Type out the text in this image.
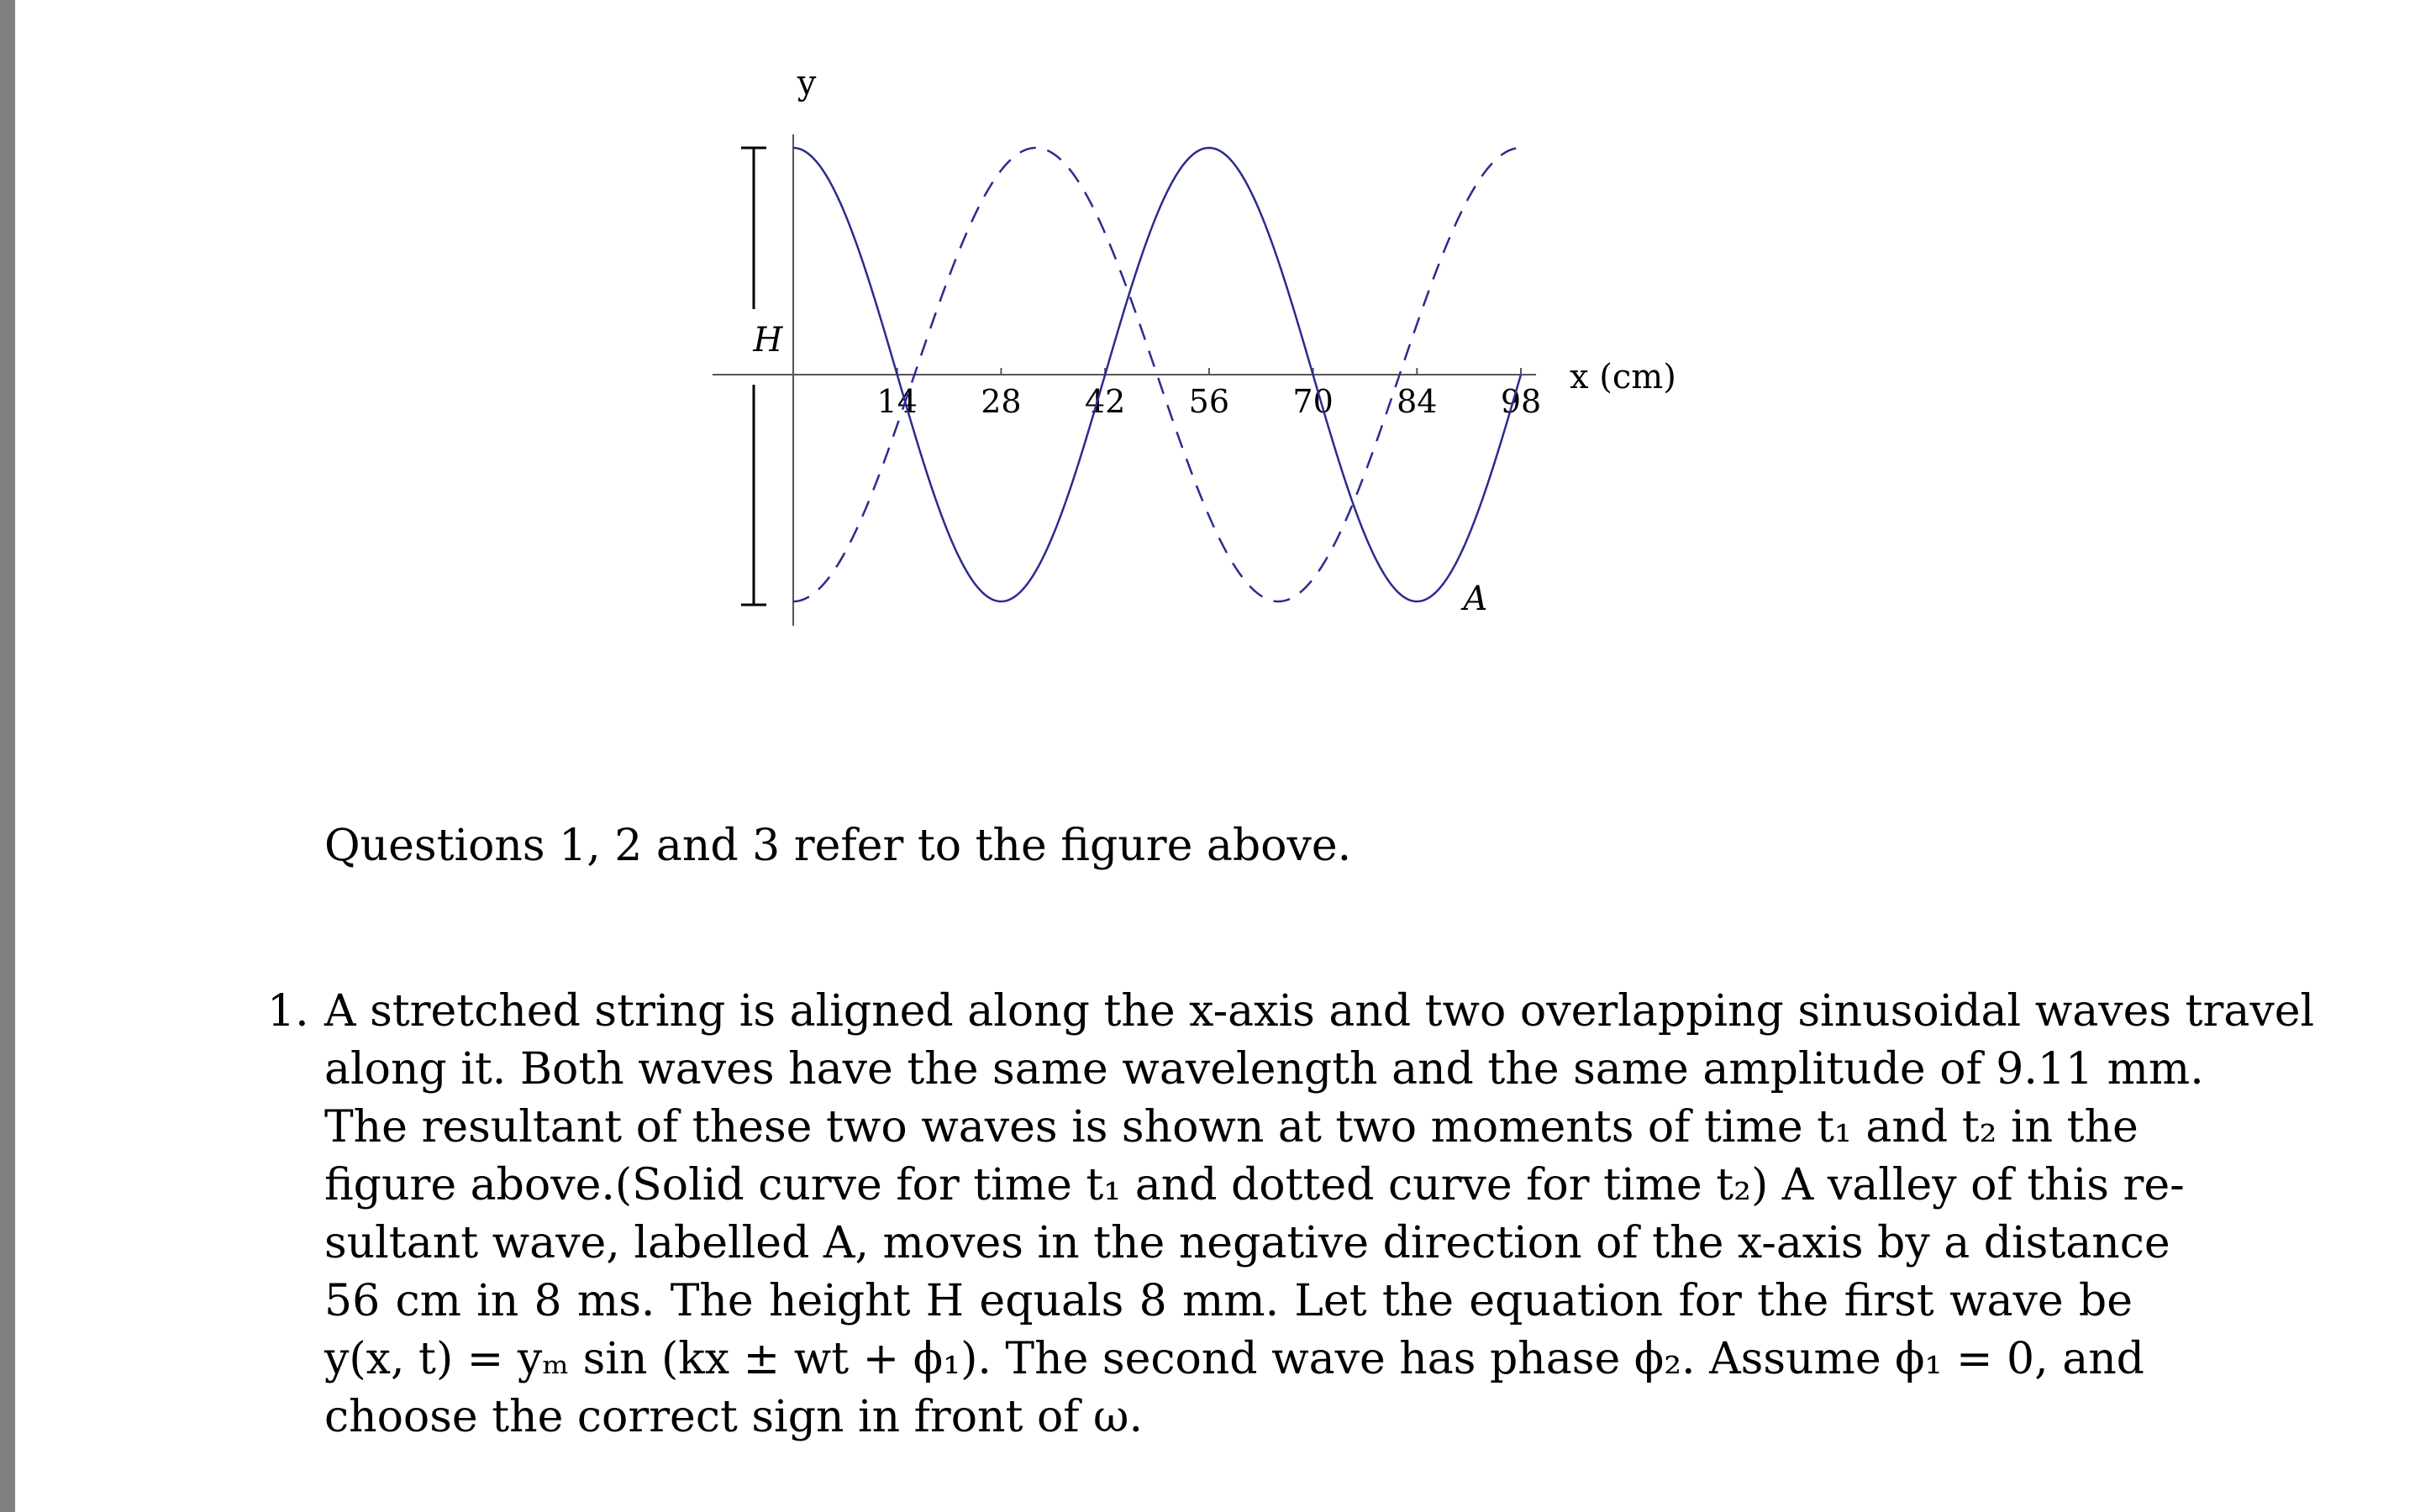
14 28 42 56 70 84 98
y
x (cm)
H
A
Questions 1, 2 and 3 refer to the figure above.
1. A stretched string is aligned along the x-axis and two overlapping sinusoidal waves travel
along it. Both waves have the same wavelength and the same amplitude of 9.11 mm.
The resultant of these two waves is shown at two moments of time t₁ and t₂ in the
figure above.(Solid curve for time t₁ and dotted curve for time t₂) A valley of this re-
sultant wave, labelled A, moves in the negative direction of the x-axis by a distance
56 cm in 8 ms. The height H equals 8 mm. Let the equation for the first wave be
y(x, t) = yₘ sin (kx ± wt + ϕ₁). The second wave has phase ϕ₂. Assume ϕ₁ = 0, and
choose the correct sign in front of ω.
